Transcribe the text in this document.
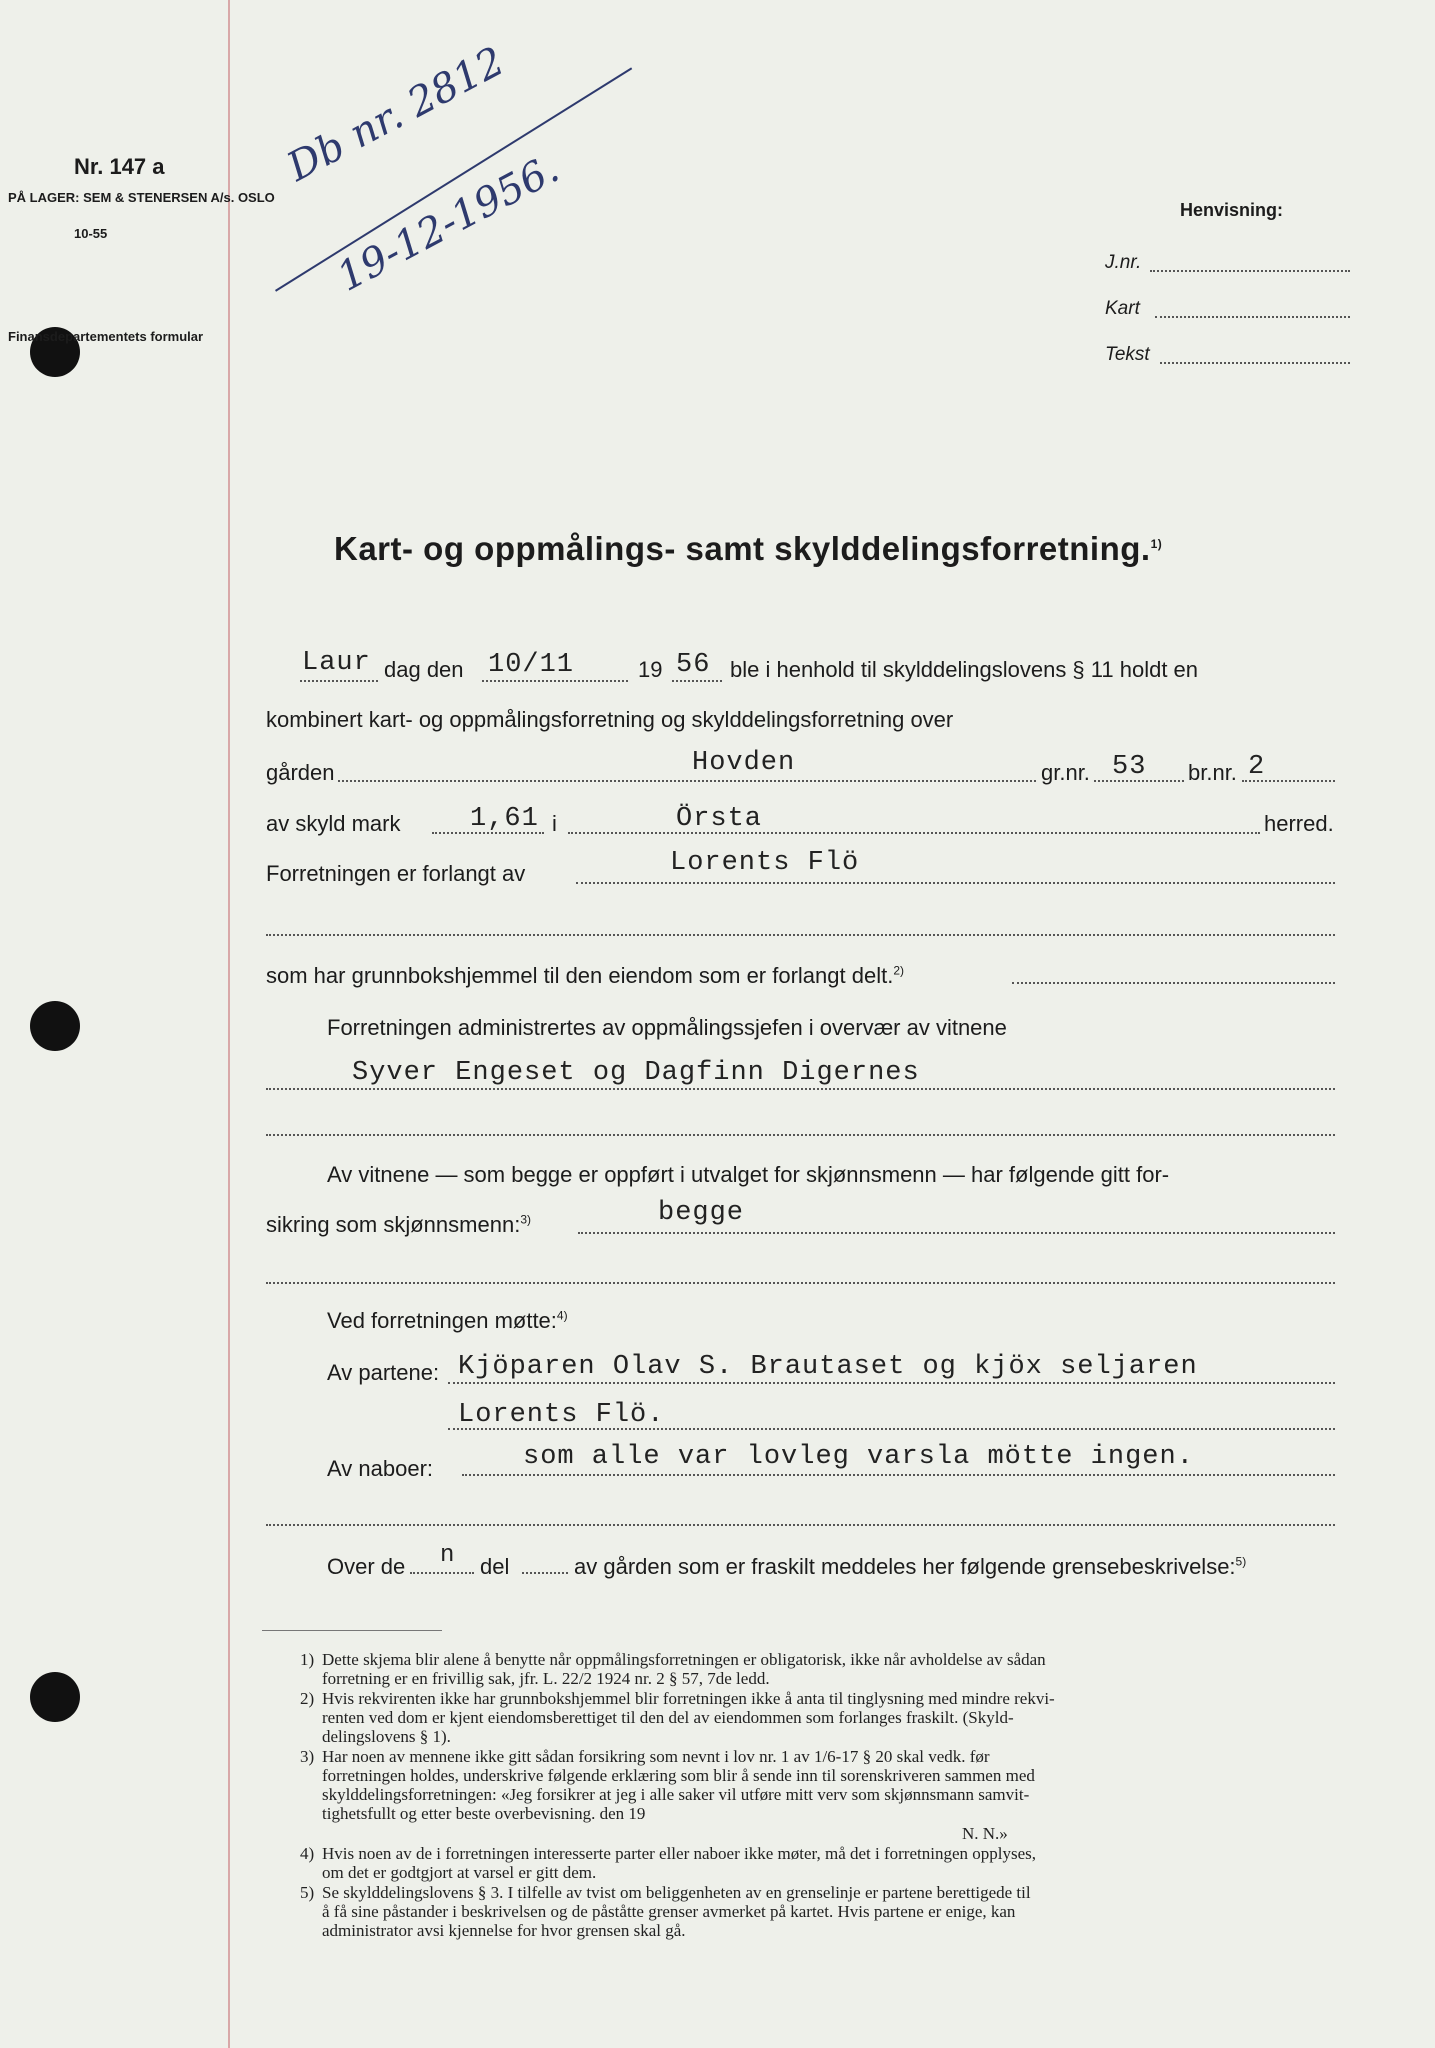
Nr. 147 a
PÅ LAGER: SEM & STENERSEN A/s. OSLO
10-55
Finansdepartementets formular
Db nr. 2812
19-12-1956.	Henvisning:
J.nr.
Kart
Tekst
Kart- og oppmålings- samt skylddelingsforretning.$^{1)}$
Laur dag den 10/11	19 56 ble i henhold til skylddelingslovens § 11 holdt en
kombinert kart- og oppmålingsforretning og skylddelingsforretning over
gården	Hovden	gr.nr. 53 br.nr. 2
av skyld mark	1,61 i	Örsta	herred.
Forretningen er forlangt av	Lorents Flö
som har grunnbokshjemmel til den eiendom som er forlangt delt.$^{2)}$
Forretningen administrertes av oppmålingssjefen i overvær av vitnene
Syver Engeset og Dagfinn Digernes
Av vitnene — som begge er oppført i utvalget for skjønnsmenn — har følgende gitt for-
sikring som skjønnsmenn:$^{3)}$	begge
Ved forretningen møtte:$^{4)}$
Av partene: Kjöparen Olav S. Brautaset og kjöx seljaren
Lorents Flö.
Av naboer:	som alle var lovleg varsla mötte ingen.
Over de n del	av gården som er fraskilt meddeles her følgende grensebeskrivelse:$^{5)}$
1) Dette skjema blir alene å benytte når oppmålingsforretningen er obligatorisk, ikke når avholdelse av sådan
forretning er en frivillig sak, jfr. L. 22/2 1924 nr. 2 § 57, 7de ledd.
2) Hvis rekvirenten ikke har grunnbokshjemmel blir forretningen ikke å anta til tinglysning med mindre rekvi-
renten ved dom er kjent eiendomsberettiget til den del av eiendommen som forlanges fraskilt. (Skyld-
delingslovens § 1).
3) Har noen av mennene ikke gitt sådan forsikring som nevnt i lov nr. 1 av 1/6-17 § 20 skal vedk. før
forretningen holdes, underskrive følgende erklæring som blir å sende inn til sorenskriveren sammen med
skylddelingsforretningen: «Jeg forsikrer at jeg i alle saker vil utføre mitt verv som skjønnsmann samvit-
tighetsfullt og etter beste overbevisning. den 19
N. N.»
4) Hvis noen av de i forretningen interesserte parter eller naboer ikke møter, må det i forretningen opplyses,
om det er godtgjort at varsel er gitt dem.
5) Se skylddelingslovens § 3. I tilfelle av tvist om beliggenheten av en grenselinje er partene berettigede til
å få sine påstander i beskrivelsen og de påståtte grenser avmerket på kartet. Hvis partene er enige, kan
administrator avsi kjennelse for hvor grensen skal gå.
